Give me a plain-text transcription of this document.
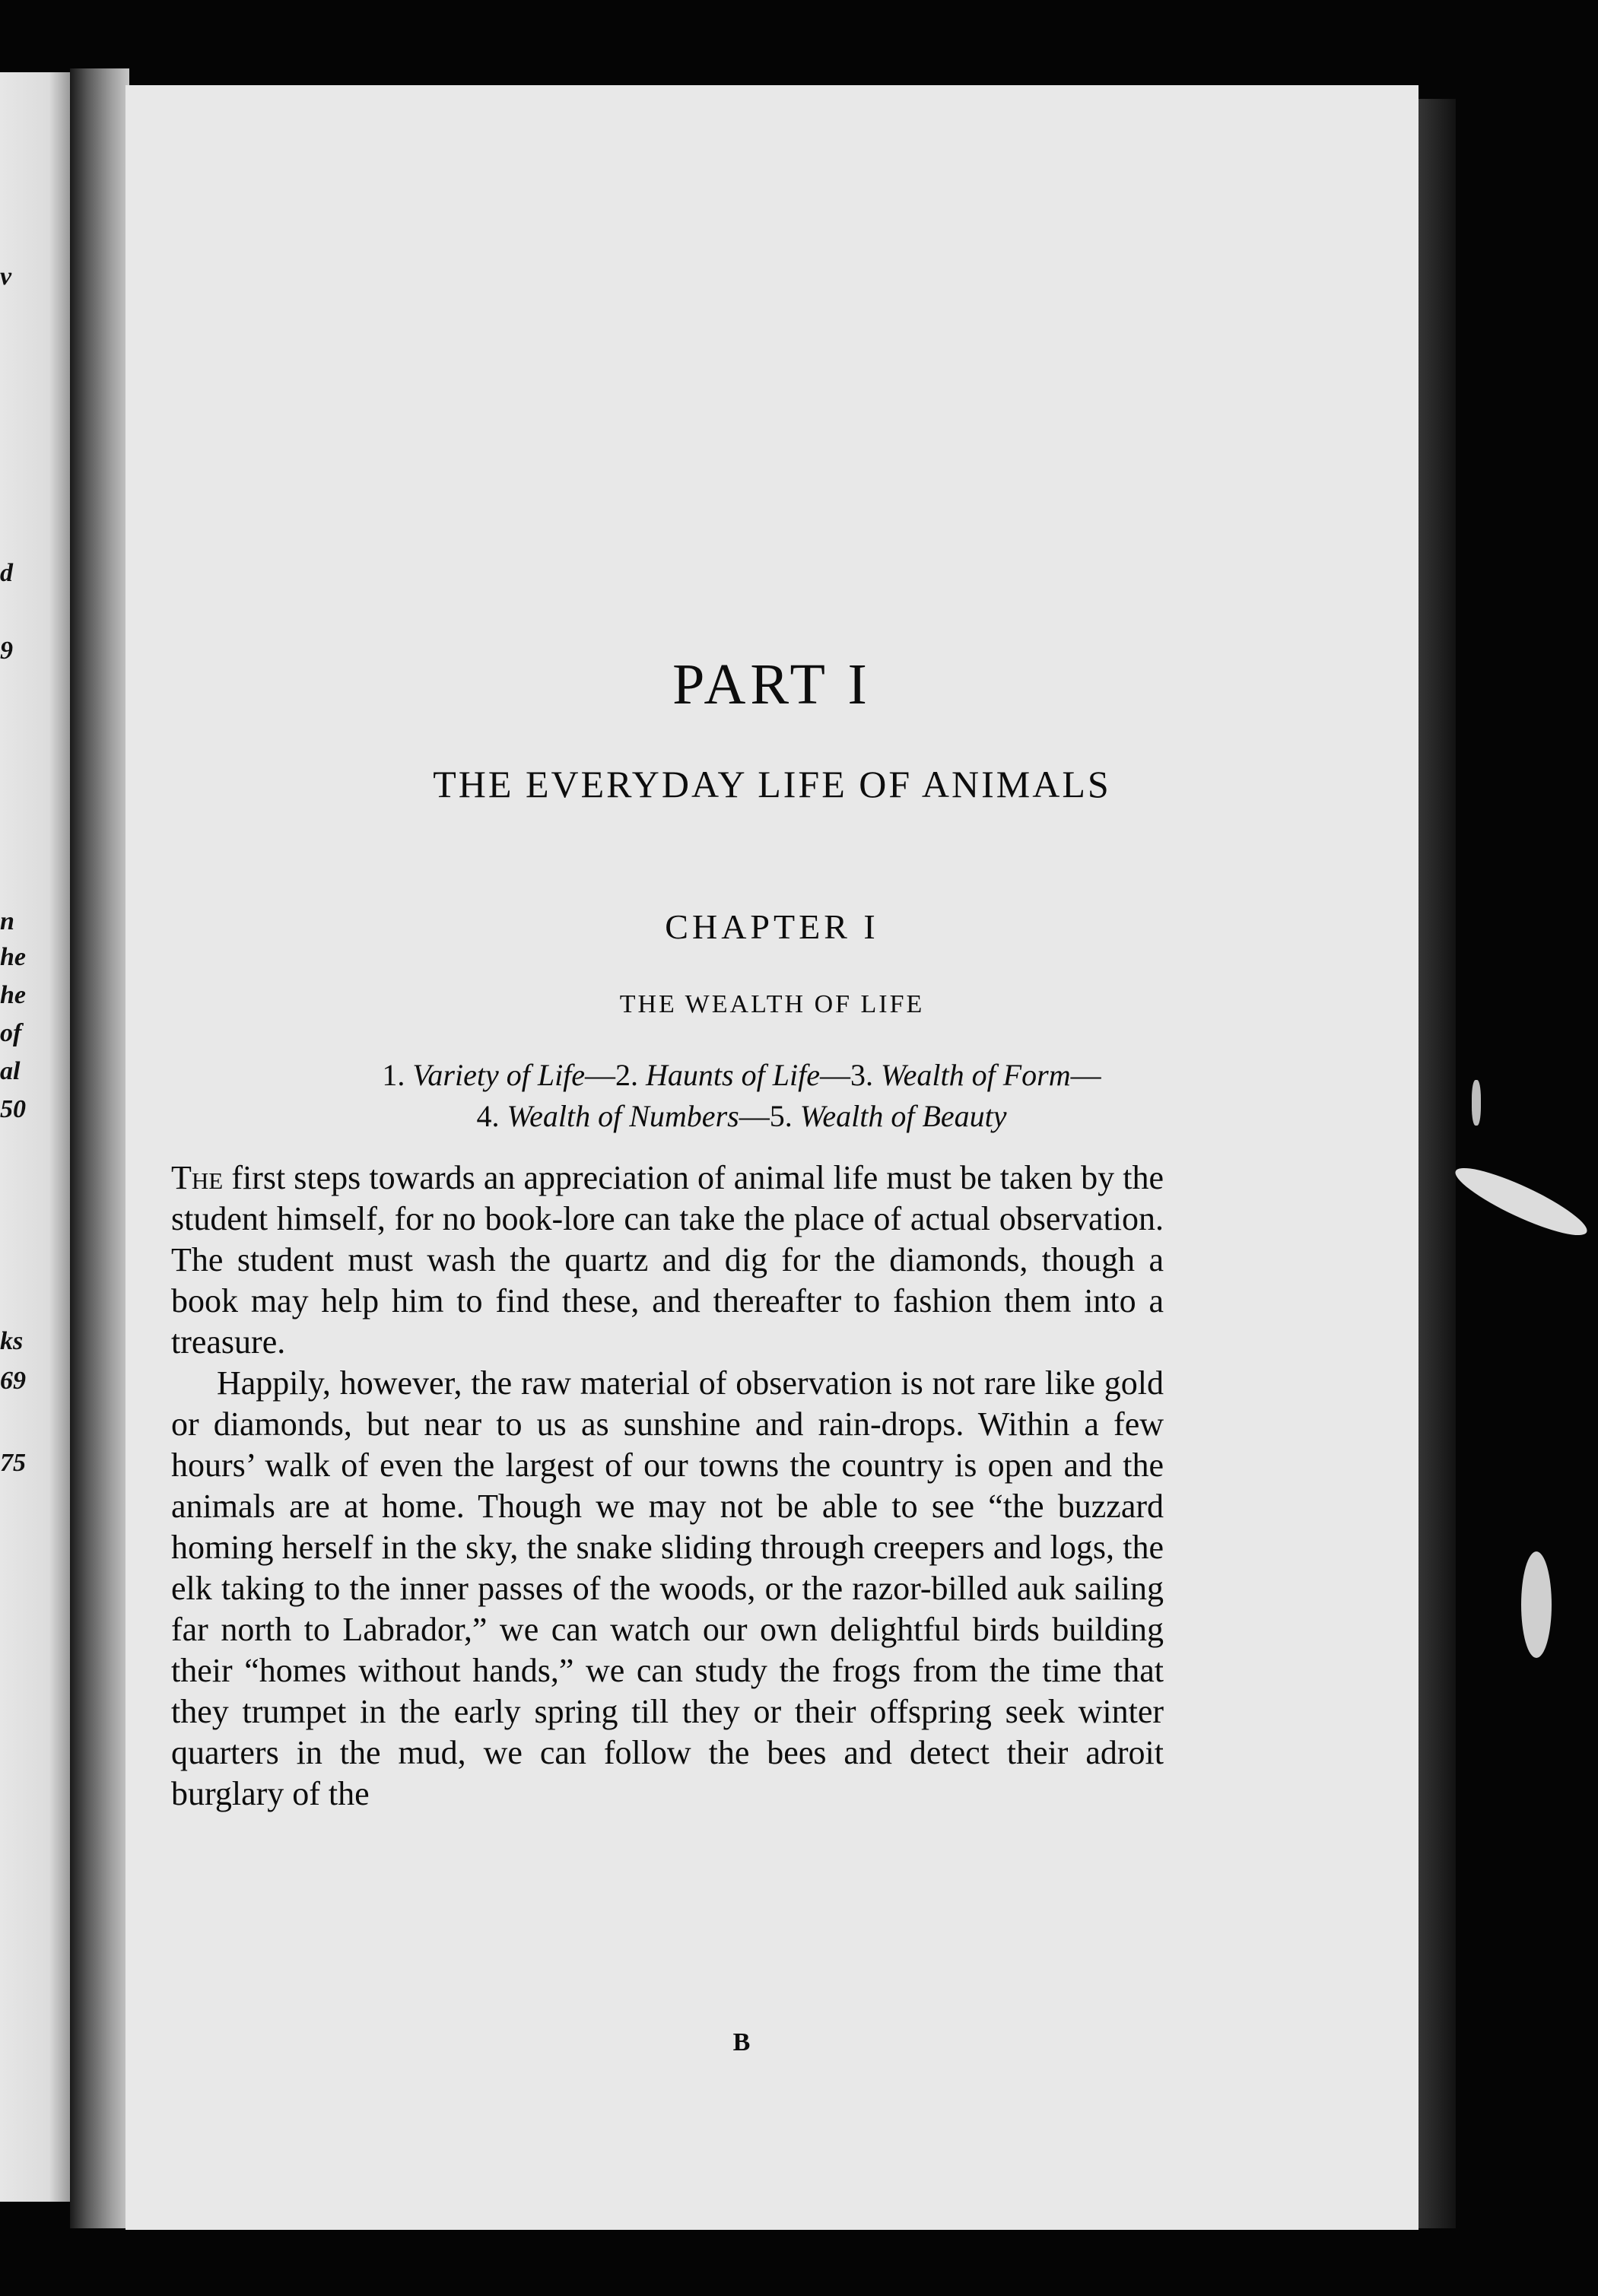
v
d
9
n
he
he
of
al
50
ks
69
75
PART I
THE EVERYDAY LIFE OF ANIMALS
CHAPTER I
THE WEALTH OF LIFE
1. Variety of Life—2. Haunts of Life—3. Wealth of Form—
4. Wealth of Numbers—5. Wealth of Beauty

The first steps towards an appreciation of animal life must be taken by the student himself, for no book-lore can take the place of actual observation. The student must wash the quartz and dig for the diamonds, though a book may help him to find these, and thereafter to fashion them into a treasure.

Happily, however, the raw material of observation is not rare like gold or diamonds, but near to us as sunshine and rain-drops. Within a few hours’ walk of even the largest of our towns the country is open and the animals are at home. Though we may not be able to see “the buzzard homing herself in the sky, the snake sliding through creepers and logs, the elk taking to the inner passes of the woods, or the razor-billed auk sailing far north to Labrador,” we can watch our own delightful birds building their “homes without hands,” we can study the frogs from the time that they trumpet in the early spring till they or their offspring seek winter quarters in the mud, we can follow the bees and detect their adroit burglary of the

B
